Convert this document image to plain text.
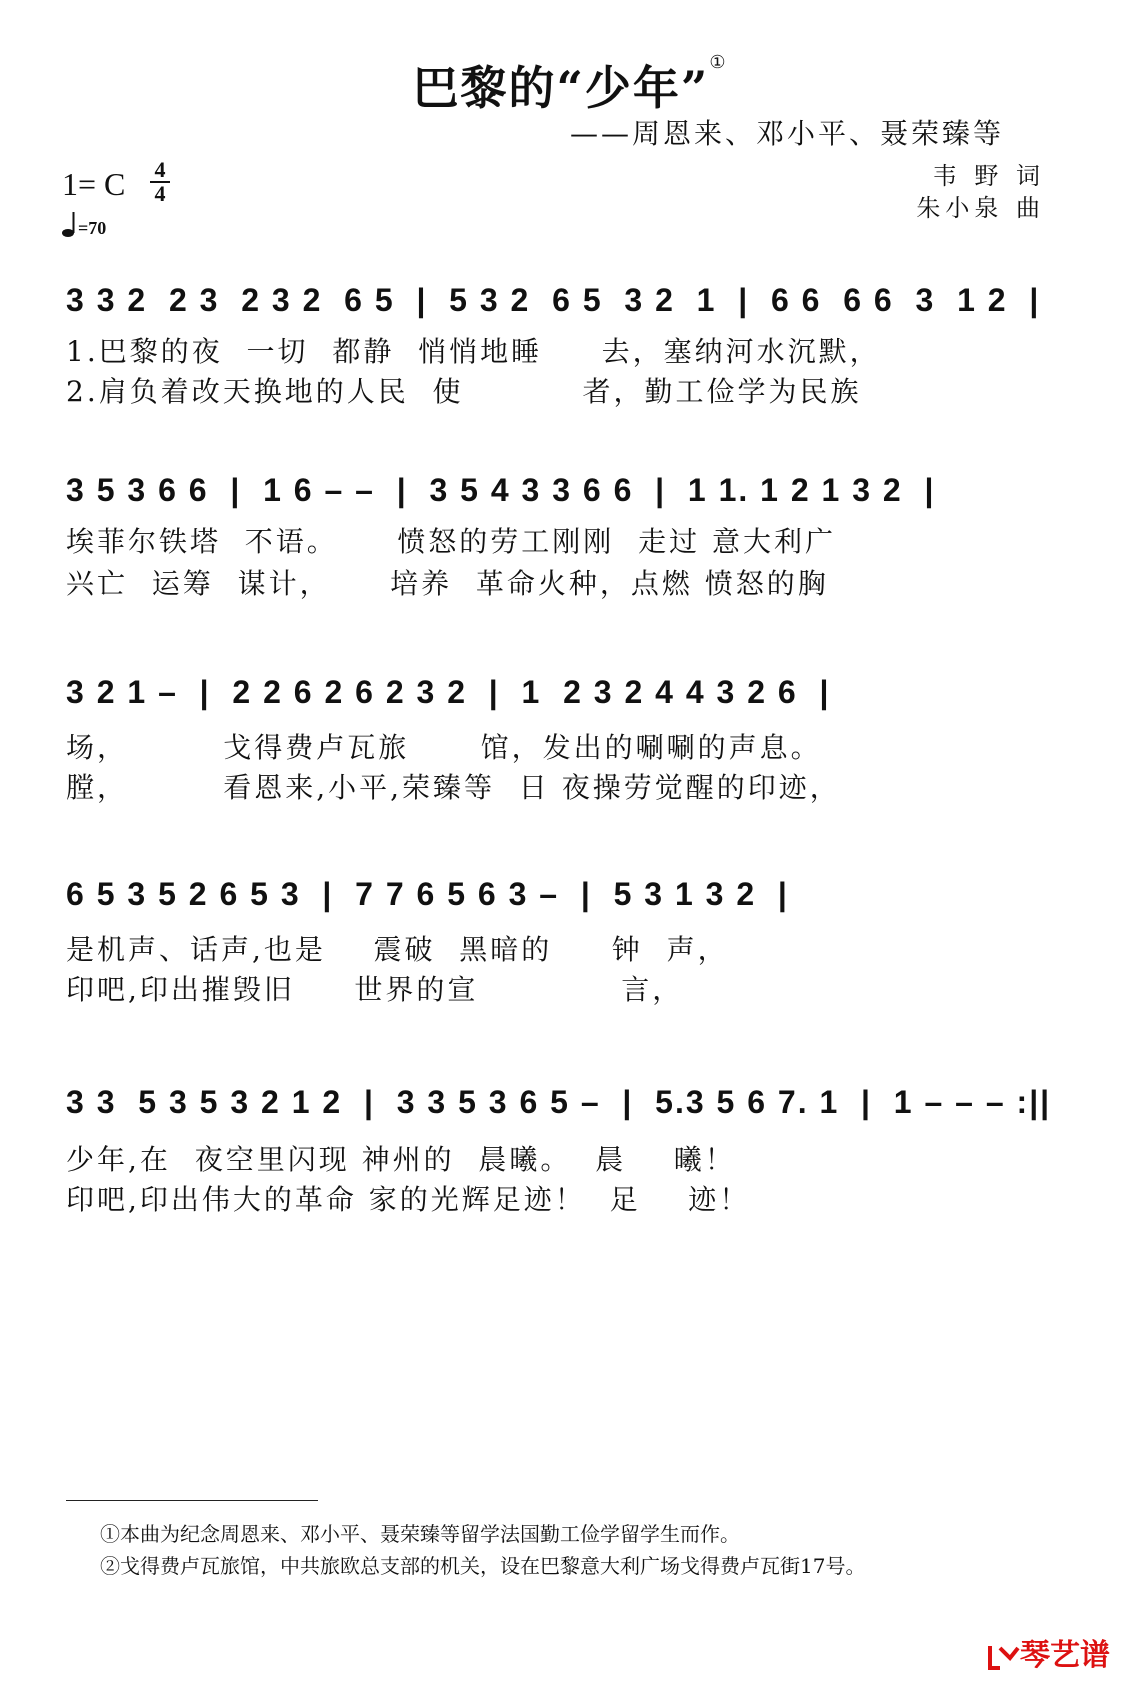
巴黎的“少年”①
——周恩来、邓小平、聂荣臻等
1= C 4
4
=70
韦 野 词
朱小泉 曲
3 3 2  2 3  2 3 2  6 5  |  5 3 2  6 5  3 2  1  |  6 6  6 6  3  1 2  |
1.巴黎的夜  一切  都静  悄悄地睡     去，塞纳河水沉默，
2.肩负着改天换地的人民  使          者，勤工俭学为民族
3 5 3 6 6  |  1 6 – –  |  3 5 4 3 3 6 6  |  1 1. 1 2 1 3 2  |
埃菲尔铁塔  不语。     愤怒的劳工刚刚  走过 意大利广
兴亡  运筹  谋计，     培养  革命火种，点燃 愤怒的胸
3 2 1 –  |  2 2 6 2 6 2 3 2  |  1  2 3 2 4 4 3 2 6  |
场，        戈得费卢瓦旅      馆，发出的唰唰的声息。
膛，        看恩来,小平,荣臻等  日 夜操劳觉醒的印迹，
6 5 3 5 2 6 5 3  |  7 7 6 5 6 3 –  |  5 3 1 3 2  |
是机声、话声,也是    震破  黑暗的     钟  声，
印吧,印出摧毁旧     世界的宣            言，
3 3  5 3 5 3 2 1 2  |  3 3 5 3 6 5 –  |  5.3 5 6 7. 1  |  1 – – – :||
少年,在  夜空里闪现 神州的  晨曦。  晨    曦！
印吧,印出伟大的革命 家的光辉足迹！  足    迹！
①本曲为纪念周恩来、邓小平、聂荣臻等留学法国勤工俭学留学生而作。
②戈得费卢瓦旅馆，中共旅欧总支部的机关，设在巴黎意大利广场戈得费卢瓦街17号。
琴艺谱
